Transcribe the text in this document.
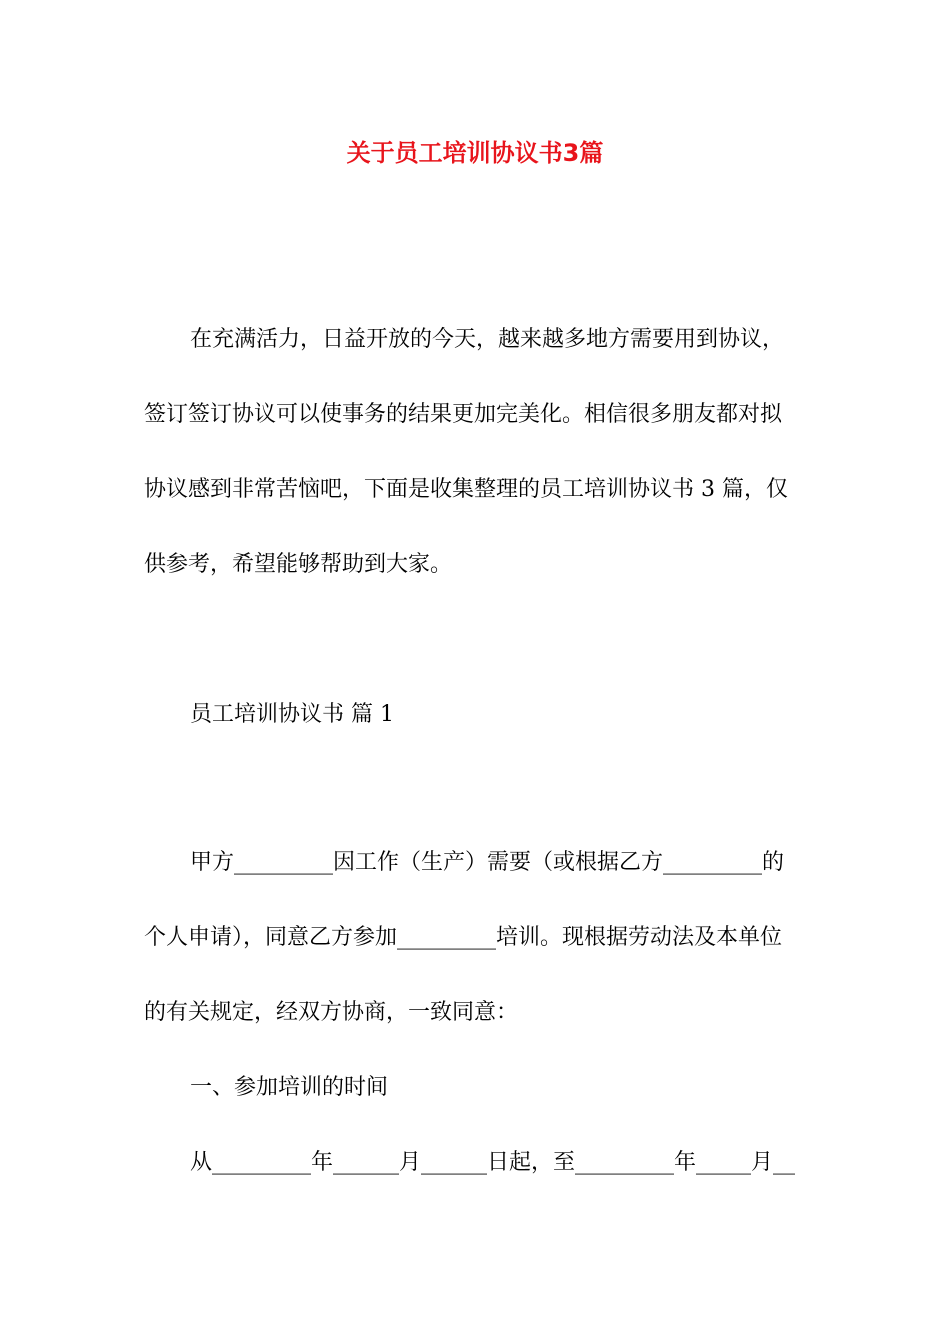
关于员工培训协议书3篇
在充满活力，日益开放的今天，越来越多地方需要用到协议，
签订签订协议可以使事务的结果更加完美化。相信很多朋友都对拟
协议感到非常苦恼吧，下面是收集整理的员工培训协议书 3 篇，仅
供参考，希望能够帮助到大家。
员工培训协议书 篇 1
甲方_________因工作（生产）需要（或根据乙方_________的
个人申请），同意乙方参加_________培训。现根据劳动法及本单位
的有关规定，经双方协商，一致同意：
一、参加培训的时间
从_________年______月______日起，至_________年_____月__
